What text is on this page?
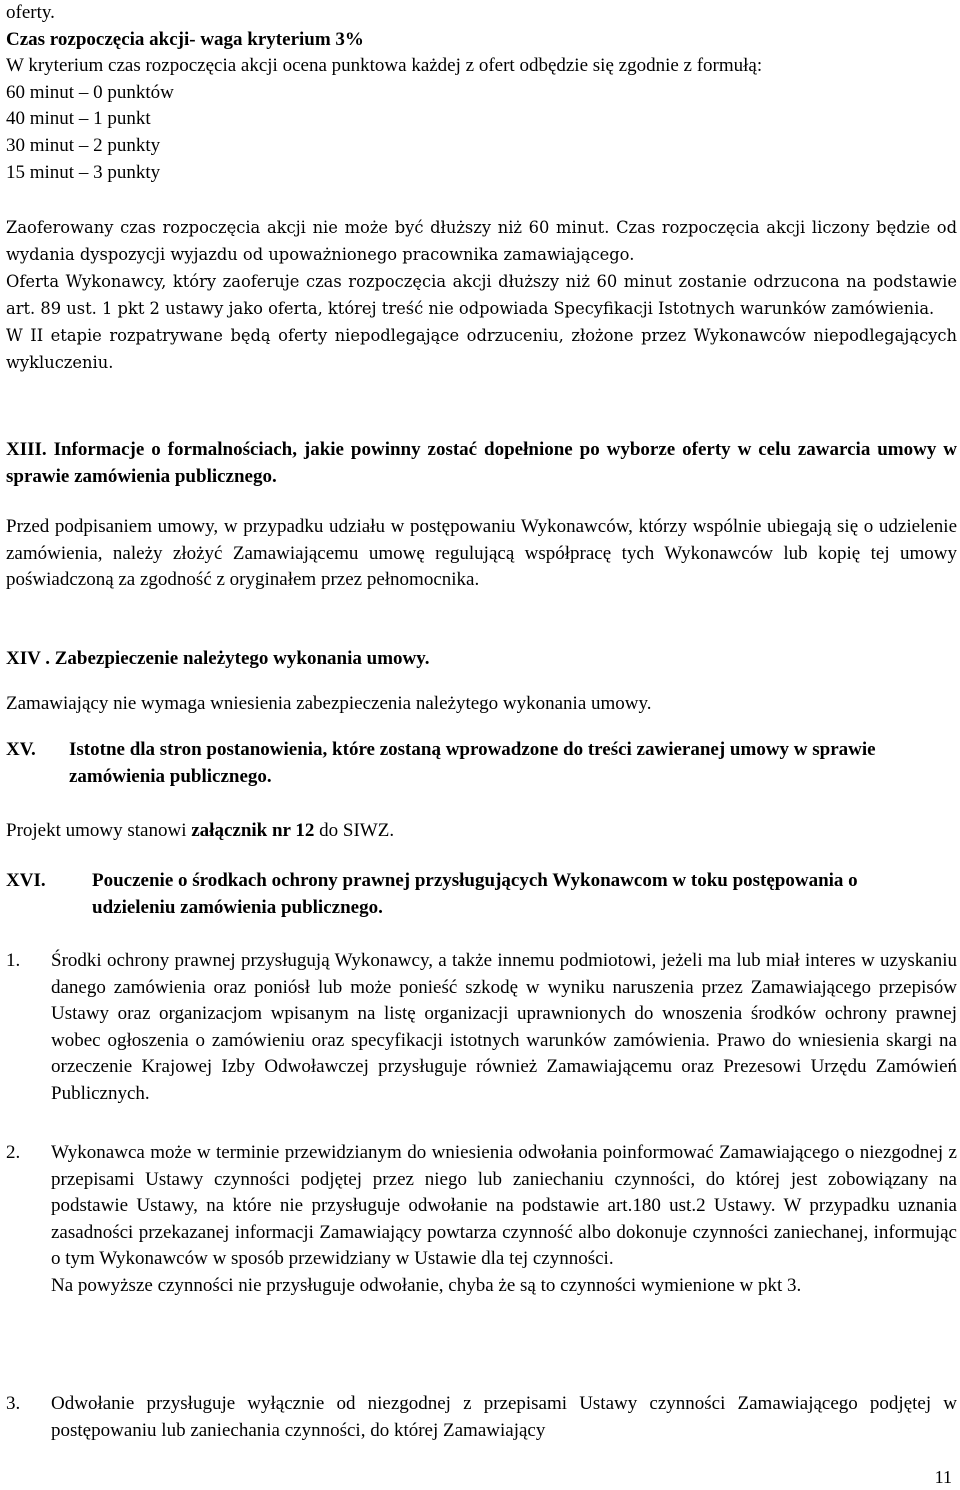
oferty.

Czas rozpoczęcia akcji- waga kryterium 3%

W kryterium czas rozpoczęcia akcji ocena punktowa każdej z ofert odbędzie się zgodnie z formułą:

60 minut – 0 punktów

40 minut – 1 punkt

30 minut – 2 punkty

15 minut – 3 punkty

Zaoferowany czas rozpoczęcia akcji nie może być dłuższy niż 60 minut. Czas rozpoczęcia akcji liczony będzie od wydania dyspozycji wyjazdu od upoważnionego pracownika zamawiającego.

Oferta Wykonawcy, który zaoferuje czas rozpoczęcia akcji dłuższy niż 60 minut zostanie odrzucona na podstawie art. 89 ust. 1 pkt 2 ustawy jako oferta, której treść nie odpowiada Specyfikacji Istotnych warunków zamówienia.

W II etapie rozpatrywane będą oferty niepodlegające odrzuceniu, złożone przez Wykonawców niepodlegających wykluczeniu.

XIII. Informacje o formalnościach, jakie powinny zostać dopełnione po wyborze oferty w celu zawarcia umowy w sprawie zamówienia publicznego.

Przed podpisaniem umowy, w przypadku udziału w postępowaniu Wykonawców, którzy wspólnie ubiegają się o udzielenie zamówienia, należy złożyć Zamawiającemu umowę regulującą współpracę tych Wykonawców lub kopię tej umowy poświadczoną za zgodność z oryginałem przez pełnomocnika.

XIV . Zabezpieczenie należytego wykonania umowy.

Zamawiający nie wymaga wniesienia zabezpieczenia należytego wykonania umowy.

XV. Istotne dla stron postanowienia, które zostaną wprowadzone do treści zawieranej umowy w sprawie zamówienia publicznego.

Projekt umowy stanowi załącznik nr 12 do SIWZ.

XVI. Pouczenie o środkach ochrony prawnej przysługujących Wykonawcom w toku postępowania o udzieleniu zamówienia publicznego.
1. Środki ochrony prawnej przysługują Wykonawcy, a także innemu podmiotowi, jeżeli ma lub miał interes w uzyskaniu danego zamówienia oraz poniósł lub może ponieść szkodę w wyniku naruszenia przez Zamawiającego przepisów Ustawy oraz organizacjom wpisanym na listę organizacji uprawnionych do wnoszenia środków ochrony prawnej wobec ogłoszenia o zamówieniu oraz specyfikacji istotnych warunków zamówienia. Prawo do wniesienia skargi na orzeczenie Krajowej Izby Odwoławczej przysługuje również Zamawiającemu oraz Prezesowi Urzędu Zamówień Publicznych.

2. Wykonawca może w terminie przewidzianym do wniesienia odwołania poinformować Zamawiającego o niezgodnej z przepisami Ustawy czynności podjętej przez niego lub zaniechaniu czynności, do której jest zobowiązany na podstawie Ustawy, na które nie przysługuje odwołanie na podstawie art.180 ust.2 Ustawy. W przypadku uznania zasadności przekazanej informacji Zamawiający powtarza czynność albo dokonuje czynności zaniechanej, informując o tym Wykonawców w sposób przewidziany w Ustawie dla tej czynności.

Na powyższe czynności nie przysługuje odwołanie, chyba że są to czynności wymienione w pkt 3.

3. Odwołanie przysługuje wyłącznie od niezgodnej z przepisami Ustawy czynności Zamawiającego podjętej w postępowaniu lub zaniechania czynności, do której Zamawiający

11
